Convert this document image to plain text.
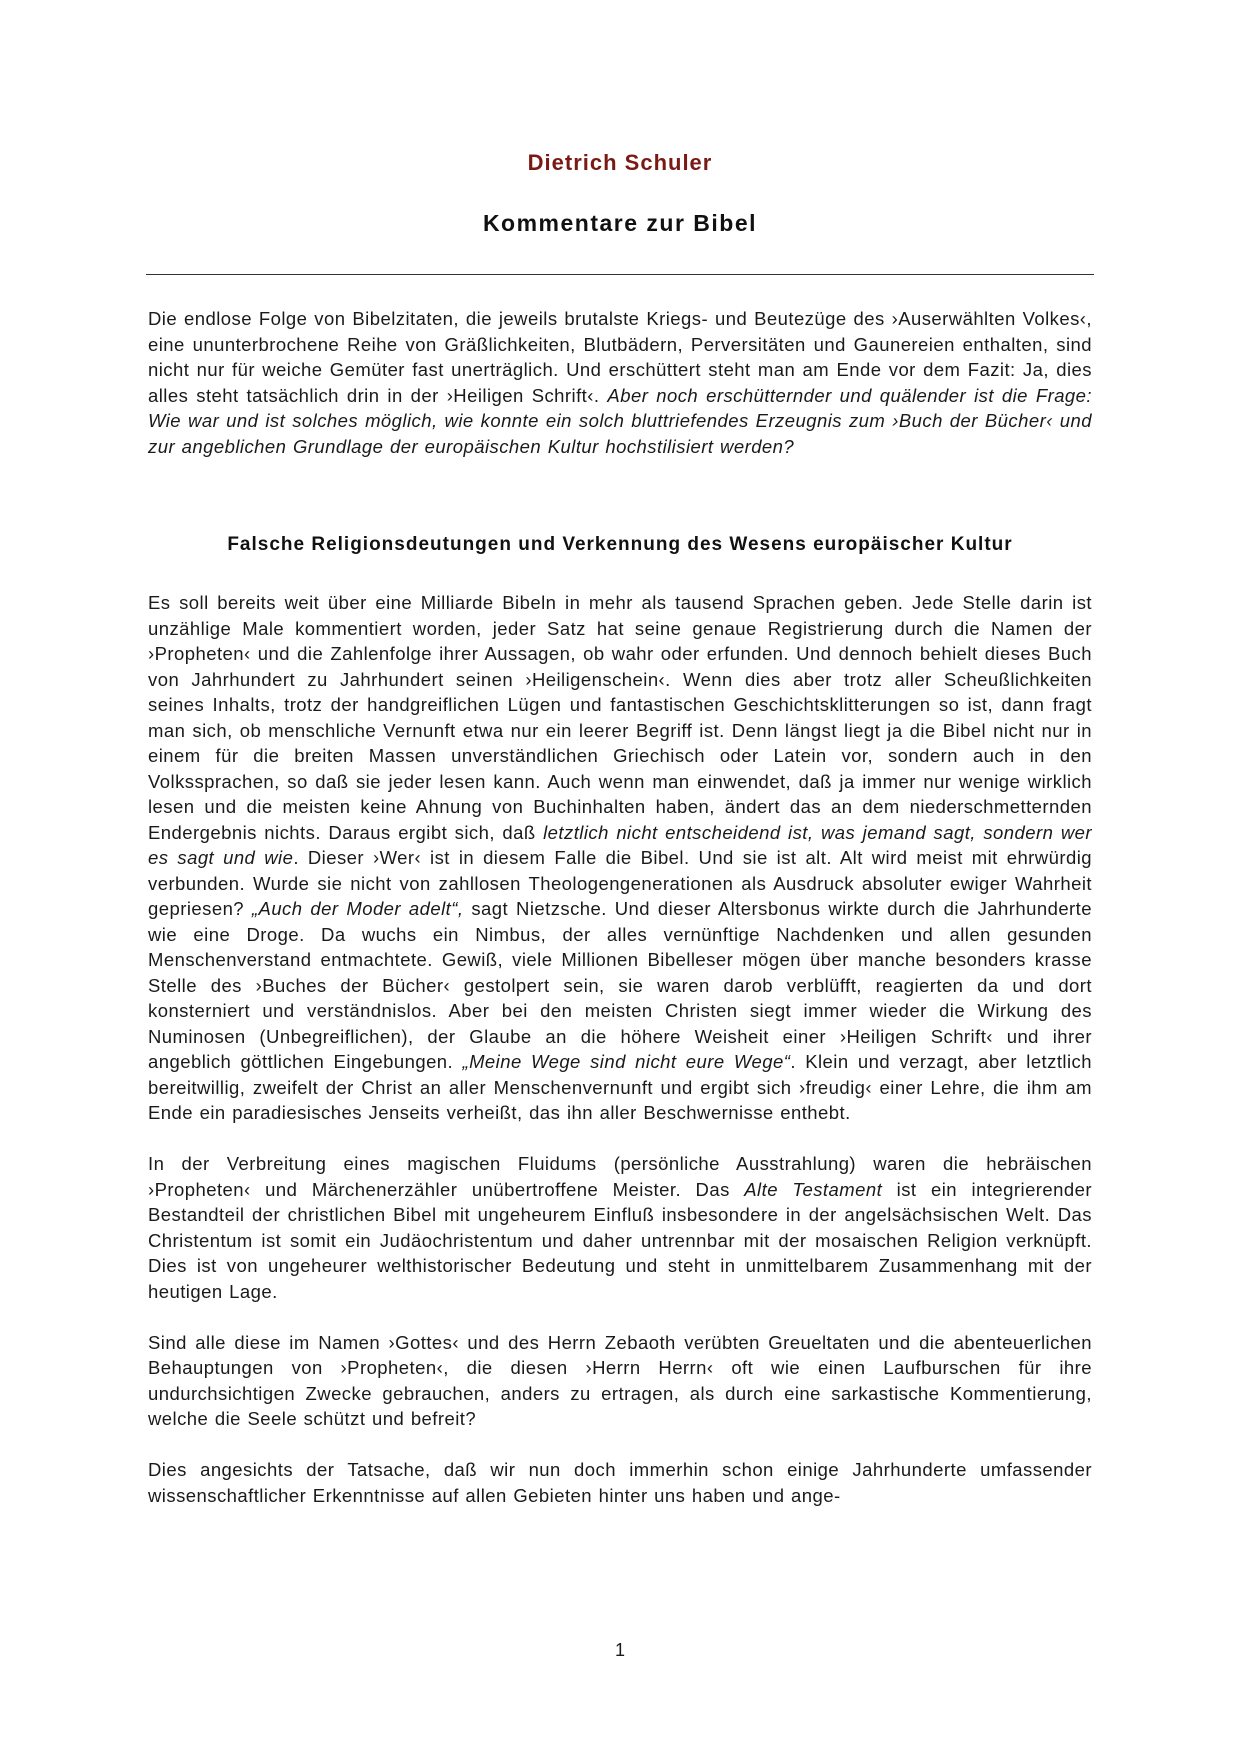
Dietrich Schuler
Kommentare zur Bibel

Die endlose Folge von Bibelzitaten, die jeweils brutalste Kriegs- und Beutezüge des ›Auserwählten Volkes‹, eine ununterbrochene Reihe von Gräßlichkeiten, Blutbädern, Perversitäten und Gaunereien enthalten, sind nicht nur für weiche Gemüter fast unerträglich. Und erschüttert steht man am Ende vor dem Fazit: Ja, dies alles steht tatsächlich drin in der ›Heiligen Schrift‹. Aber noch erschütternder und quälender ist die Frage: Wie war und ist solches möglich, wie konnte ein solch bluttriefendes Erzeugnis zum ›Buch der Bücher‹ und zur angeblichen Grundlage der europäischen Kultur hochstilisiert werden?

Falsche Religionsdeutungen und Verkennung des Wesens europäischer Kultur

Es soll bereits weit über eine Milliarde Bibeln in mehr als tausend Sprachen geben. Jede Stelle darin ist unzählige Male kommentiert worden, jeder Satz hat seine genaue Registrierung durch die Namen der ›Propheten‹ und die Zahlenfolge ihrer Aussagen, ob wahr oder erfunden. Und dennoch behielt dieses Buch von Jahrhundert zu Jahrhundert seinen ›Heiligenschein‹. Wenn dies aber trotz aller Scheußlichkeiten seines Inhalts, trotz der handgreiflichen Lügen und fantastischen Geschichtsklitterungen so ist, dann fragt man sich, ob menschliche Vernunft etwa nur ein leerer Begriff ist. Denn längst liegt ja die Bibel nicht nur in einem für die breiten Massen unverständlichen Griechisch oder Latein vor, sondern auch in den Volkssprachen, so daß sie jeder lesen kann. Auch wenn man einwendet, daß ja immer nur wenige wirklich lesen und die meisten keine Ahnung von Buchinhalten haben, ändert das an dem niederschmetternden Endergebnis nichts. Daraus ergibt sich, daß letztlich nicht entscheidend ist, was jemand sagt, sondern wer es sagt und wie. Dieser ›Wer‹ ist in diesem Falle die Bibel. Und sie ist alt. Alt wird meist mit ehrwürdig verbunden. Wurde sie nicht von zahllosen Theologengenerationen als Ausdruck absoluter ewiger Wahrheit gepriesen? „Auch der Moder adelt“, sagt Nietzsche. Und dieser Altersbonus wirkte durch die Jahrhunderte wie eine Droge. Da wuchs ein Nimbus, der alles vernünftige Nachdenken und allen gesunden Menschenverstand entmachtete. Gewiß, viele Millionen Bibelleser mögen über manche besonders krasse Stelle des ›Buches der Bücher‹ gestolpert sein, sie waren darob verblüfft, reagierten da und dort konsterniert und verständnislos. Aber bei den meisten Christen siegt immer wieder die Wirkung des Numinosen (Unbegreiflichen), der Glaube an die höhere Weisheit einer ›Heiligen Schrift‹ und ihrer angeblich göttlichen Eingebungen. „Meine Wege sind nicht eure Wege“. Klein und verzagt, aber letztlich bereitwillig, zweifelt der Christ an aller Menschenvernunft und ergibt sich ›freudig‹ einer Lehre, die ihm am Ende ein paradiesisches Jenseits verheißt, das ihn aller Beschwernisse enthebt.

In der Verbreitung eines magischen Fluidums (persönliche Ausstrahlung) waren die hebräischen ›Propheten‹ und Märchenerzähler unübertroffene Meister. Das Alte Testament ist ein integrierender Bestandteil der christlichen Bibel mit ungeheurem Einfluß insbesondere in der angelsächsischen Welt. Das Christentum ist somit ein Judäochristentum und daher untrennbar mit der mosaischen Religion verknüpft. Dies ist von ungeheurer welthistorischer Bedeutung und steht in unmittelbarem Zusammenhang mit der heutigen Lage.

Sind alle diese im Namen ›Gottes‹ und des Herrn Zebaoth verübten Greueltaten und die abenteuerlichen Behauptungen von ›Propheten‹, die diesen ›Herrn Herrn‹ oft wie einen Laufburschen für ihre undurchsichtigen Zwecke gebrauchen, anders zu ertragen, als durch eine sarkastische Kommentierung, welche die Seele schützt und befreit?

Dies angesichts der Tatsache, daß wir nun doch immerhin schon einige Jahrhunderte umfassender wissenschaftlicher Erkenntnisse auf allen Gebieten hinter uns haben und ange-

1
